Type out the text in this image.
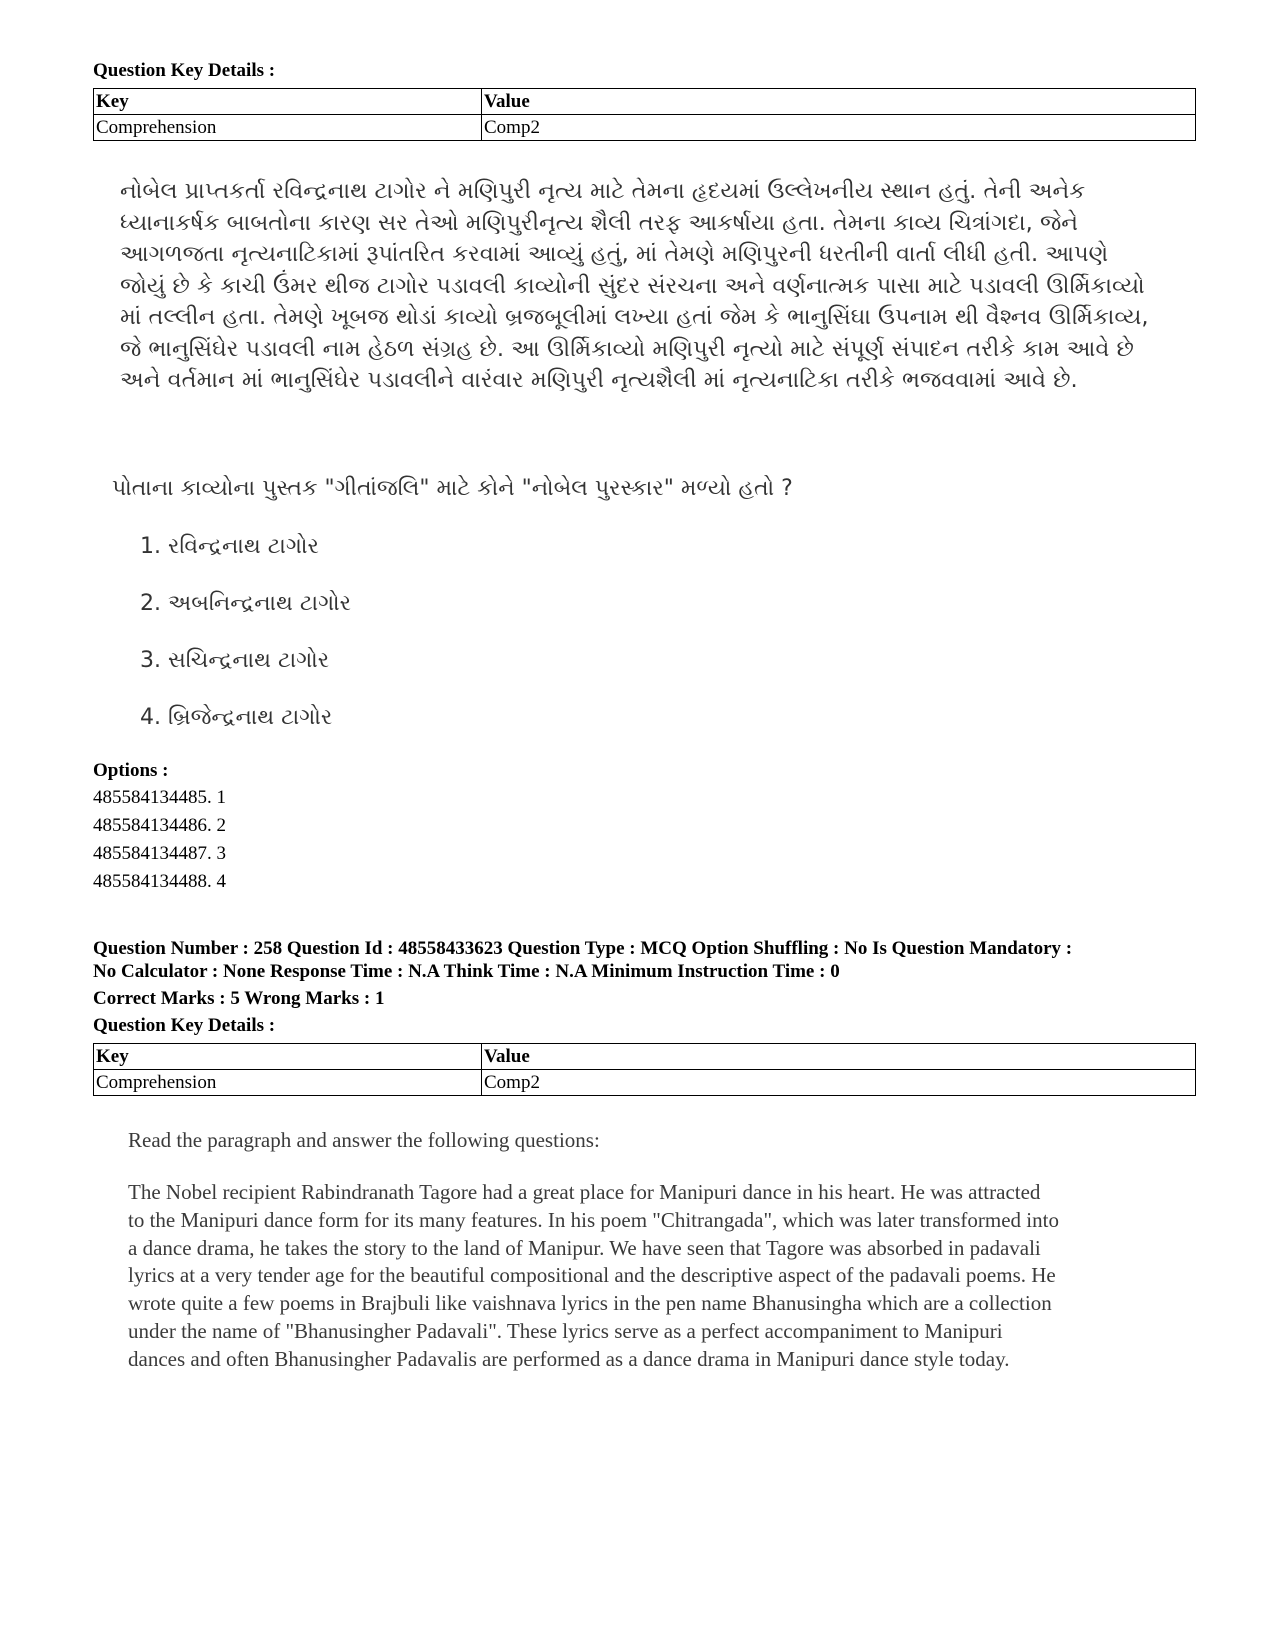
Question Key Details :
Key	Value
Comprehension	Comp2

નોબેલ પ્રાપ્તકર્તા રવિન્દ્રનાથ ટાગોર ને મણિપુરી નૃત્ય માટે તેમના હૃદયમાં ઉલ્લેખનીય સ્થાન હતું. તેની અનેક

ધ્યાનાકર્ષક બાબતોના કારણ સર તેઓ મણિપુરીનૃત્ય શૈલી તરફ આકર્ષાયા હતા. તેમના કાવ્ય ચિત્રાંગદા, જેને

આગળજતા નૃત્યનાટિકામાં રૂપાંતરિત કરવામાં આવ્યું હતું, માં તેમણે મણિપુરની ધરતીની વાર્તા લીધી હતી. આપણે

જોયું છે કે કાચી ઉંમર થીજ ટાગોર પડાવલી કાવ્યોની સુંદર સંરચના અને વર્ણનાત્મક પાસા માટે પડાવલી ઊર્મિકાવ્યો

માં તલ્લીન હતા. તેમણે ખૂબજ થોડાં કાવ્યો બ્રજબૂલીમાં લખ્યા હતાં જેમ કે ભાનુસિંઘા ઉપનામ થી વૈશ્નવ ઊર્મિકાવ્ય,

જે ભાનુસિંઘેર પડાવલી નામ હેઠળ સંગ્રહ છે. આ ઊર્મિકાવ્યો મણિપુરી નૃત્યો માટે સંપૂર્ણ સંપાદન તરીકે કામ આવે છે

અને વર્તમાન માં ભાનુસિંઘેર પડાવલીને વારંવાર મણિપુરી નૃત્યશૈલી માં નૃત્યનાટિકા તરીકે ભજવવામાં આવે છે.

પોતાના કાવ્યોના પુસ્તક "ગીતાંજલિ" માટે કોને "નોબેલ પુરસ્કાર" મળ્યો હતો ?
1. રવિન્દ્રનાથ ટાગોર
2. અબનિન્દ્રનાથ ટાગોર
3. સચિન્દ્રનાથ ટાગોર
4. બ્રિજેન્દ્રનાથ ટાગોર
Options :
485584134485. 1
485584134486. 2
485584134487. 3
485584134488. 4
Question Number : 258 Question Id : 48558433623 Question Type : MCQ Option Shuffling : No Is Question Mandatory :
No Calculator : None Response Time : N.A Think Time : N.A Minimum Instruction Time : 0
Correct Marks : 5 Wrong Marks : 1
Question Key Details :
Key	Value
Comprehension	Comp2
Read the paragraph and answer the following questions:

The Nobel recipient Rabindranath Tagore had a great place for Manipuri dance in his heart. He was attracted

to the Manipuri dance form for its many features. In his poem "Chitrangada", which was later transformed into

a dance drama, he takes the story to the land of Manipur. We have seen that Tagore was absorbed in padavali

lyrics at a very tender age for the beautiful compositional and the descriptive aspect of the padavali poems. He

wrote quite a few poems in Brajbuli like vaishnava lyrics in the pen name Bhanusingha which are a collection

under the name of "Bhanusingher Padavali". These lyrics serve as a perfect accompaniment to Manipuri

dances and often Bhanusingher Padavalis are performed as a dance drama in Manipuri dance style today.
